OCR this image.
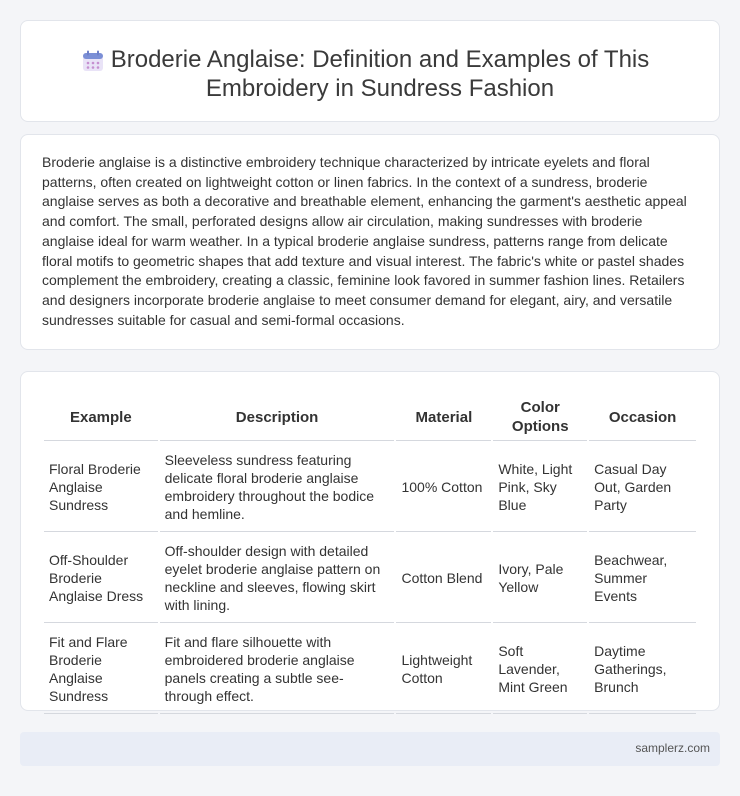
Broderie Anglaise: Definition and Examples of This Embroidery in Sundress Fashion

Broderie anglaise is a distinctive embroidery technique characterized by intricate eyelets and floral patterns, often created on lightweight cotton or linen fabrics. In the context of a sundress, broderie anglaise serves as both a decorative and breathable element, enhancing the garment's aesthetic appeal and comfort. The small, perforated designs allow air circulation, making sundresses with broderie anglaise ideal for warm weather. In a typical broderie anglaise sundress, patterns range from delicate floral motifs to geometric shapes that add texture and visual interest. The fabric's white or pastel shades complement the embroidery, creating a classic, feminine look favored in summer fashion lines. Retailers and designers incorporate broderie anglaise to meet consumer demand for elegant, airy, and versatile sundresses suitable for casual and semi-formal occasions.

Example	Description	Material	Color Options	Occasion
Floral Broderie Anglaise Sundress	Sleeveless sundress featuring delicate floral broderie anglaise embroidery throughout the bodice and hemline.	100% Cotton	White, Light Pink, Sky Blue	Casual Day Out, Garden Party
Off-Shoulder Broderie Anglaise Dress	Off-shoulder design with detailed eyelet broderie anglaise pattern on neckline and sleeves, flowing skirt with lining.	Cotton Blend	Ivory, Pale Yellow	Beachwear, Summer Events
Fit and Flare Broderie Anglaise Sundress	Fit and flare silhouette with embroidered broderie anglaise panels creating a subtle see-through effect.	Lightweight Cotton	Soft Lavender, Mint Green	Daytime Gatherings, Brunch
samplerz.com
